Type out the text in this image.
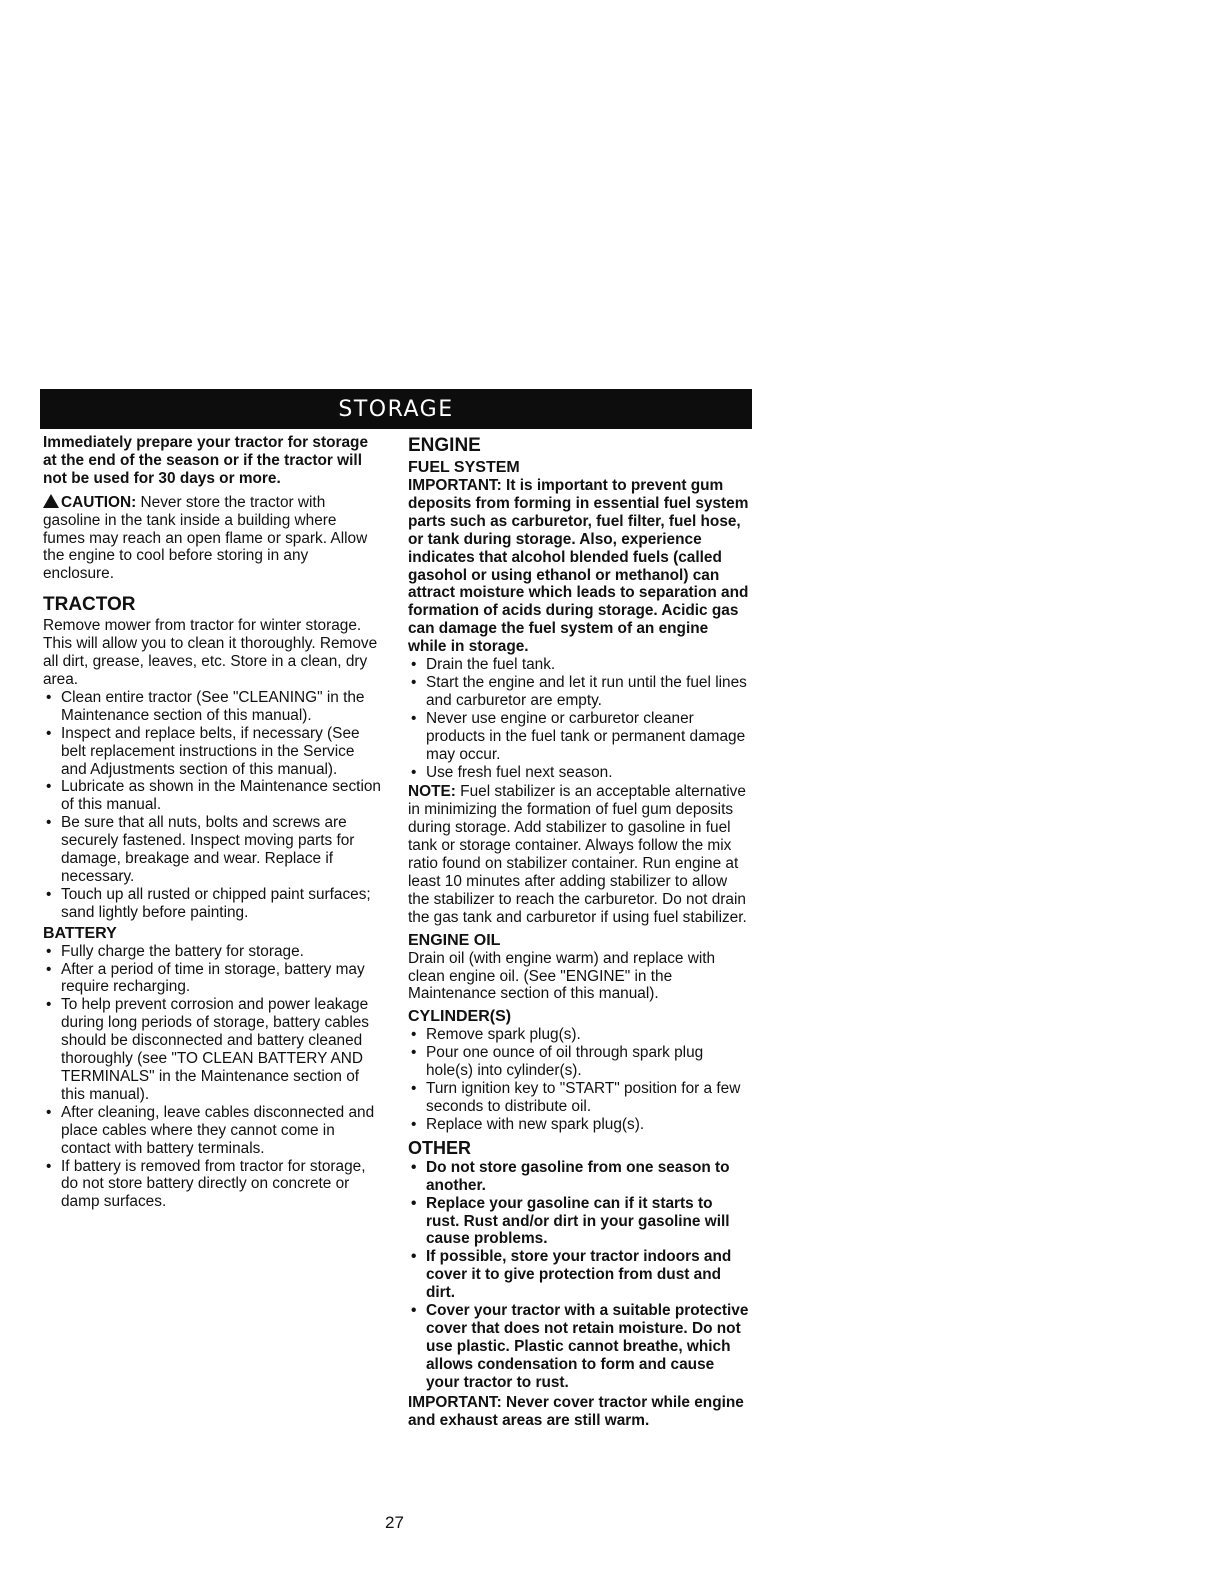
STORAGE

Immediately prepare your tractor for storage at the end of the season or if the tractor will not be used for 30 days or more.

CAUTION: Never store the tractor with gasoline in the tank inside a building where fumes may reach an open flame or spark. Allow the engine to cool before storing in any enclosure.

TRACTOR

Remove mower from tractor for winter storage. This will allow you to clean it thoroughly. Remove all dirt, grease, leaves, etc. Store in a clean, dry area.

• Clean entire tractor (See "CLEANING" in the Maintenance section of this manual).
• Inspect and replace belts, if necessary (See belt replacement instructions in the Service and Adjustments section of this manual).
• Lubricate as shown in the Maintenance section of this manual.
• Be sure that all nuts, bolts and screws are securely fastened. Inspect moving parts for damage, breakage and wear. Replace if necessary.
• Touch up all rusted or chipped paint surfaces; sand lightly before painting.
BATTERY
• Fully charge the battery for storage.
• After a period of time in storage, battery may require recharging.
• To help prevent corrosion and power leakage during long periods of storage, battery cables should be disconnected and battery cleaned thoroughly (see "TO CLEAN BATTERY AND TERMINALS" in the Maintenance section of this manual).
• After cleaning, leave cables disconnected and place cables where they cannot come in contact with battery terminals.
• If battery is removed from tractor for storage, do not store battery directly on concrete or damp surfaces.
ENGINE
FUEL SYSTEM

IMPORTANT: It is important to prevent gum deposits from forming in essential fuel system parts such as carburetor, fuel filter, fuel hose, or tank during storage. Also, experience indicates that alcohol blended fuels (called gasohol or using ethanol or methanol) can attract moisture which leads to separation and formation of acids during storage. Acidic gas can damage the fuel system of an engine while in storage.

• Drain the fuel tank.
• Start the engine and let it run until the fuel lines and carburetor are empty.
• Never use engine or carburetor cleaner products in the fuel tank or permanent damage may occur.
• Use fresh fuel next season.

NOTE: Fuel stabilizer is an acceptable alternative in minimizing the formation of fuel gum deposits during storage. Add stabilizer to gasoline in fuel tank or storage container. Always follow the mix ratio found on stabilizer container. Run engine at least 10 minutes after adding stabilizer to allow the stabilizer to reach the carburetor. Do not drain the gas tank and carburetor if using fuel stabilizer.

ENGINE OIL

Drain oil (with engine warm) and replace with clean engine oil. (See "ENGINE" in the Maintenance section of this manual).

CYLINDER(S)
• Remove spark plug(s).
• Pour one ounce of oil through spark plug hole(s) into cylinder(s).
• Turn ignition key to "START" position for a few seconds to distribute oil.
• Replace with new spark plug(s).
OTHER
• Do not store gasoline from one season to another.
• Replace your gasoline can if it starts to rust. Rust and/or dirt in your gasoline will cause problems.
• If possible, store your tractor indoors and cover it to give protection from dust and dirt.
• Cover your tractor with a suitable protective cover that does not retain moisture. Do not use plastic. Plastic cannot breathe, which allows condensation to form and cause your tractor to rust.

IMPORTANT: Never cover tractor while engine and exhaust areas are still warm.

27
